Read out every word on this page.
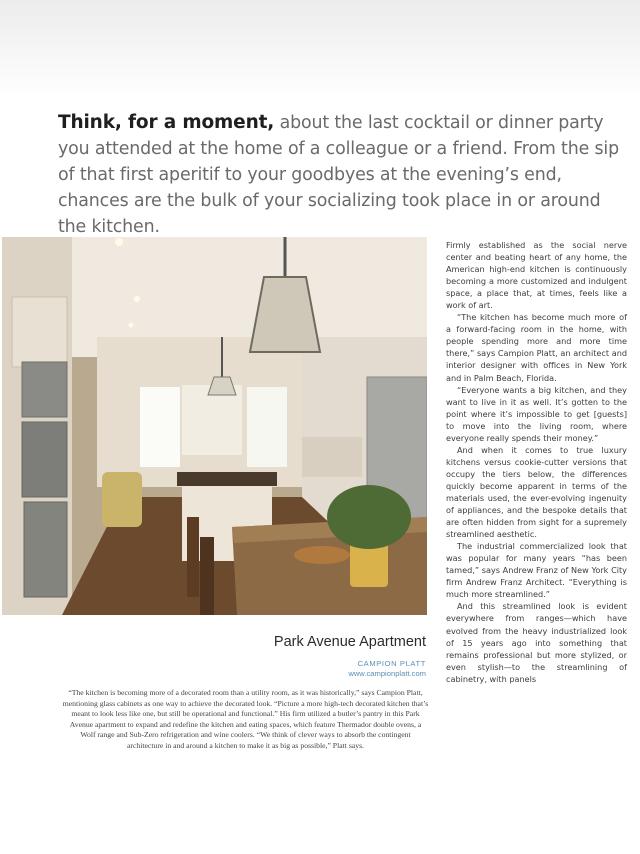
Think, for a moment, about the last cocktail or dinner party you attended at the home of a colleague or a friend. From the sip of that first aperitif to your goodbyes at the evening’s end, chances are the bulk of your socializing took place in or around the kitchen.
Park Avenue Apartment
CAMPION PLATT
www.campionplatt.com
“The kitchen is becoming more of a decorated room than a utility room, as it was historically,” says Campion Platt, mentioning glass cabinets as one way to achieve the decorated look. “Picture a more high-tech decorated kitchen that’s meant to look less like one, but still be operational and functional.” His firm utilized a butler’s pantry in this Park Avenue apartment to expand and redefine the kitchen and eating spaces, which feature Thermador double ovens, a Wolf range and Sub-Zero refrigeration and wine coolers. “We think of clever ways to absorb the contingent architecture in and around a kitchen to make it as big as possible,” Platt says.

Firmly established as the social nerve center and beating heart of any home, the American high-end kitchen is continuously becoming a more customized and indulgent space, a place that, at times, feels like a work of art.

“The kitchen has become much more of a forward-facing room in the home, with people spending more and more time there,” says Campion Platt, an architect and interior designer with offices in New York and in Palm Beach, Florida.

“Everyone wants a big kitchen, and they want to live in it as well. It’s gotten to the point where it’s impossible to get [guests] to move into the living room, where everyone really spends their money.”

And when it comes to true luxury kitchens versus cookie-cutter versions that occupy the tiers below, the differences quickly become apparent in terms of the materials used, the ever-evolving ingenuity of appliances, and the bespoke details that are often hidden from sight for a supremely streamlined aesthetic.

The industrial commercialized look that was popular for many years “has been tamed,” says Andrew Franz of New York City firm Andrew Franz Architect. “Everything is much more streamlined.”

And this streamlined look is evident everywhere from ranges—which have evolved from the heavy industrialized look of 15 years ago into something that remains professional but more stylized, or even stylish—to the streamlining of cabinetry, with panels
